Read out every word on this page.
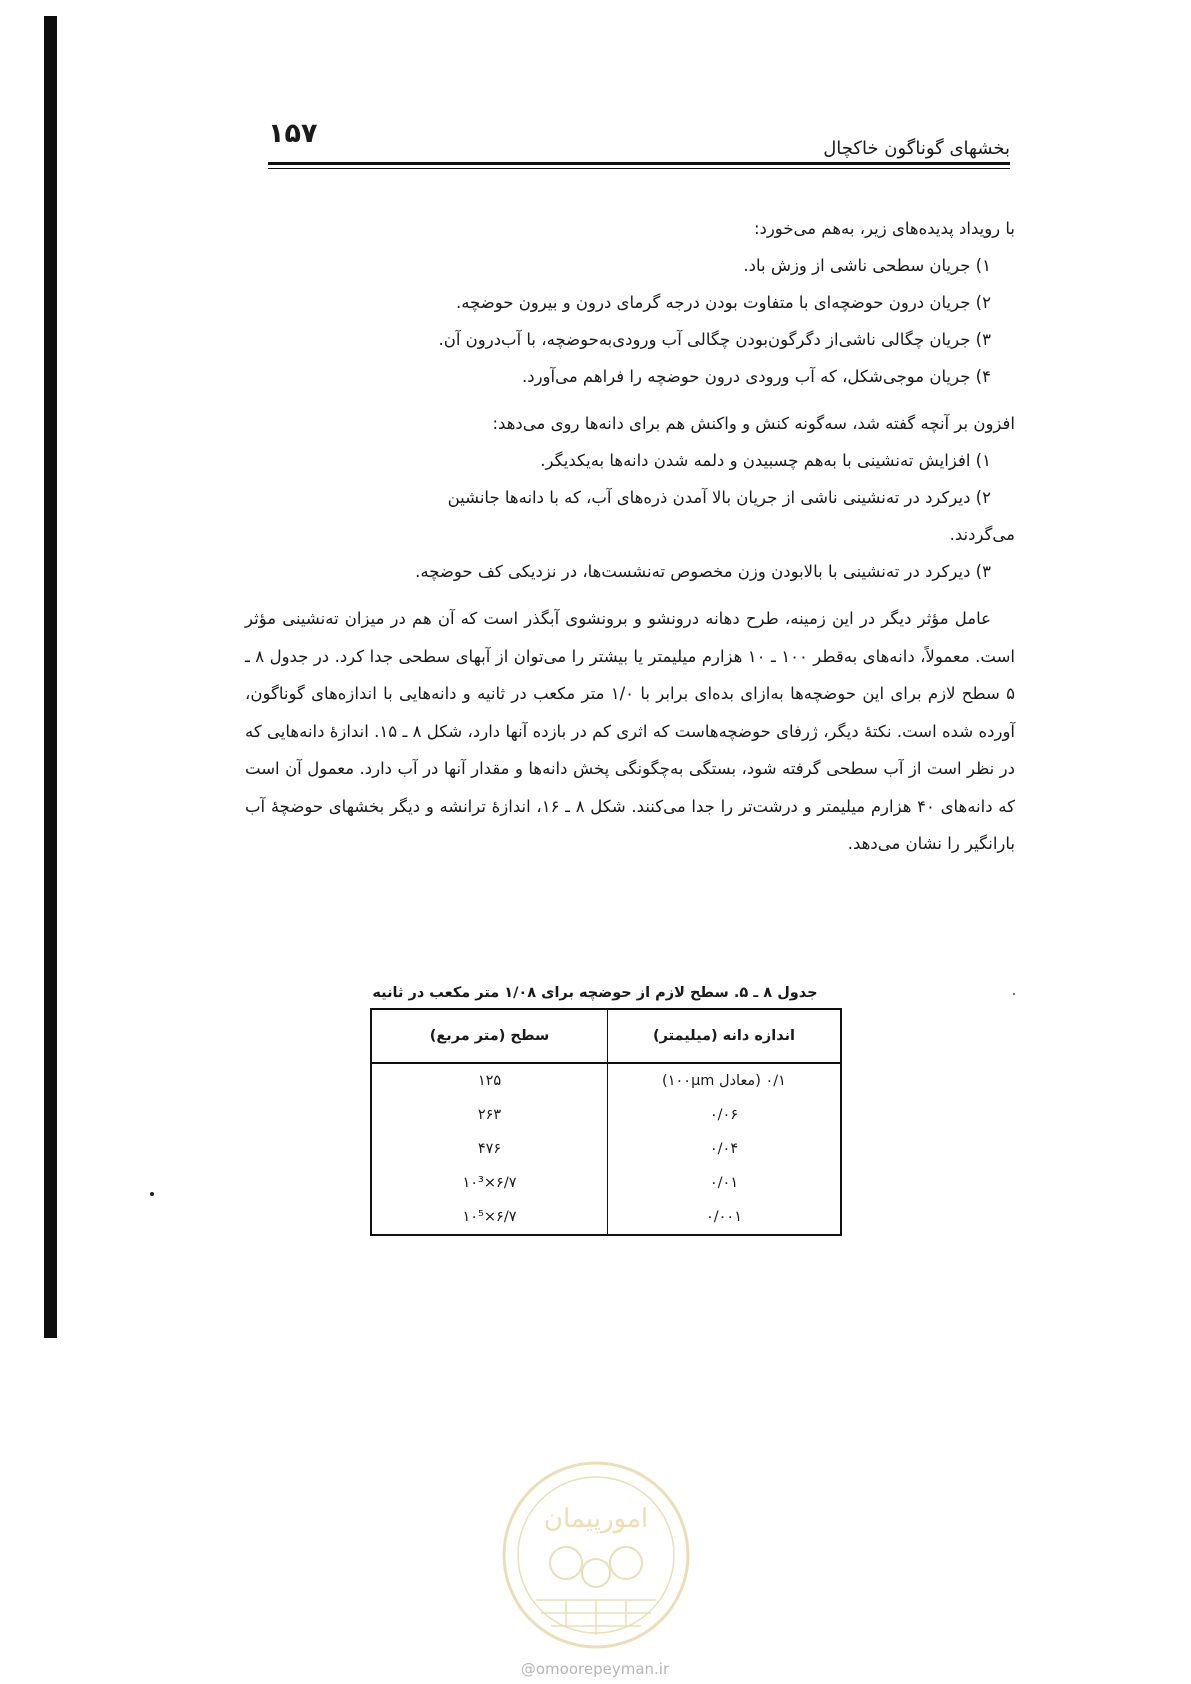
۱۵۷	بخشهای گوناگون خاکچال

با رویداد پدیده‌های زیر، به‌هم می‌خورد:

۱) جریان سطحی ناشی از وزش باد.

۲) جریان درون حوضچه‌ای با متفاوت بودن درجه گرمای درون و بیرون حوضچه.

۳) جریان چگالی ناشی‌از دگرگون‌بودن چگالی آب ورودی‌به‌حوضچه، با آب‌درون آن.

۴) جریان موجی‌شکل، که آب ورودی درون حوضچه را فراهم می‌آورد.

افزون بر آنچه گفته شد، سه‌گونه کنش و واکنش هم برای دانه‌ها روی می‌دهد:

۱) افزایش ته‌نشینی با به‌هم چسبیدن و دلمه شدن دانه‌ها به‌یکدیگر.

۲) دیرکرد در ته‌نشینی ناشی از جریان بالا آمدن ذره‌های آب، که با دانه‌ها جانشین

می‌گردند.

۳) دیرکرد در ته‌نشینی با بالابودن وزن مخصوص ته‌نشست‌ها، در نزدیکی کف حوضچه.

عامل مؤثر دیگر در این زمینه، طرح دهانه درونشو و برونشوی آبگذر است که آن هم در میزان ته‌نشینی مؤثر است. معمولاً، دانه‌های به‌قطر ۱۰۰ ـ ۱۰ هزارم میلیمتر یا بیشتر را می‌توان از آبهای سطحی جدا کرد. در جدول ۸ ـ ۵ سطح لازم برای این حوضچه‌ها به‌ازای بده‌ای برابر با ۱/۰ متر مکعب در ثانیه و دانه‌هایی با اندازه‌های گوناگون، آورده شده است. نکتهٔ دیگر، ژرفای حوضچه‌هاست که اثری کم در بازده آنها دارد، شکل ۸ ـ ۱۵. اندازهٔ دانه‌هایی که در نظر است از آب سطحی گرفته شود، بستگی به‌چگونگی پخش دانه‌ها و مقدار آنها در آب دارد. معمول آن است که دانه‌های ۴۰ هزارم میلیمتر و درشت‌تر را جدا می‌کنند. شکل ۸ ـ ۱۶، اندازهٔ ترانشه و دیگر بخشهای حوضچهٔ آب بارانگیر را نشان می‌دهد.

جدول ۸ ـ ۵. سطح لازم از حوضچه برای ۱/۰۸ متر مکعب در ثانیه
اندازه دانه (میلیمتر)	سطح (متر مربع)
۰/۱ (معادل ۱۰۰μm)	۱۲۵
۰/۰۶	۲۶۳
۰/۰۴	۴۷۶
۰/۰۱	۶/۷×۱۰³
۰/۰۰۱	۶/۷×۱۰⁵
امورپیمان
@omoorepeyman.ir
